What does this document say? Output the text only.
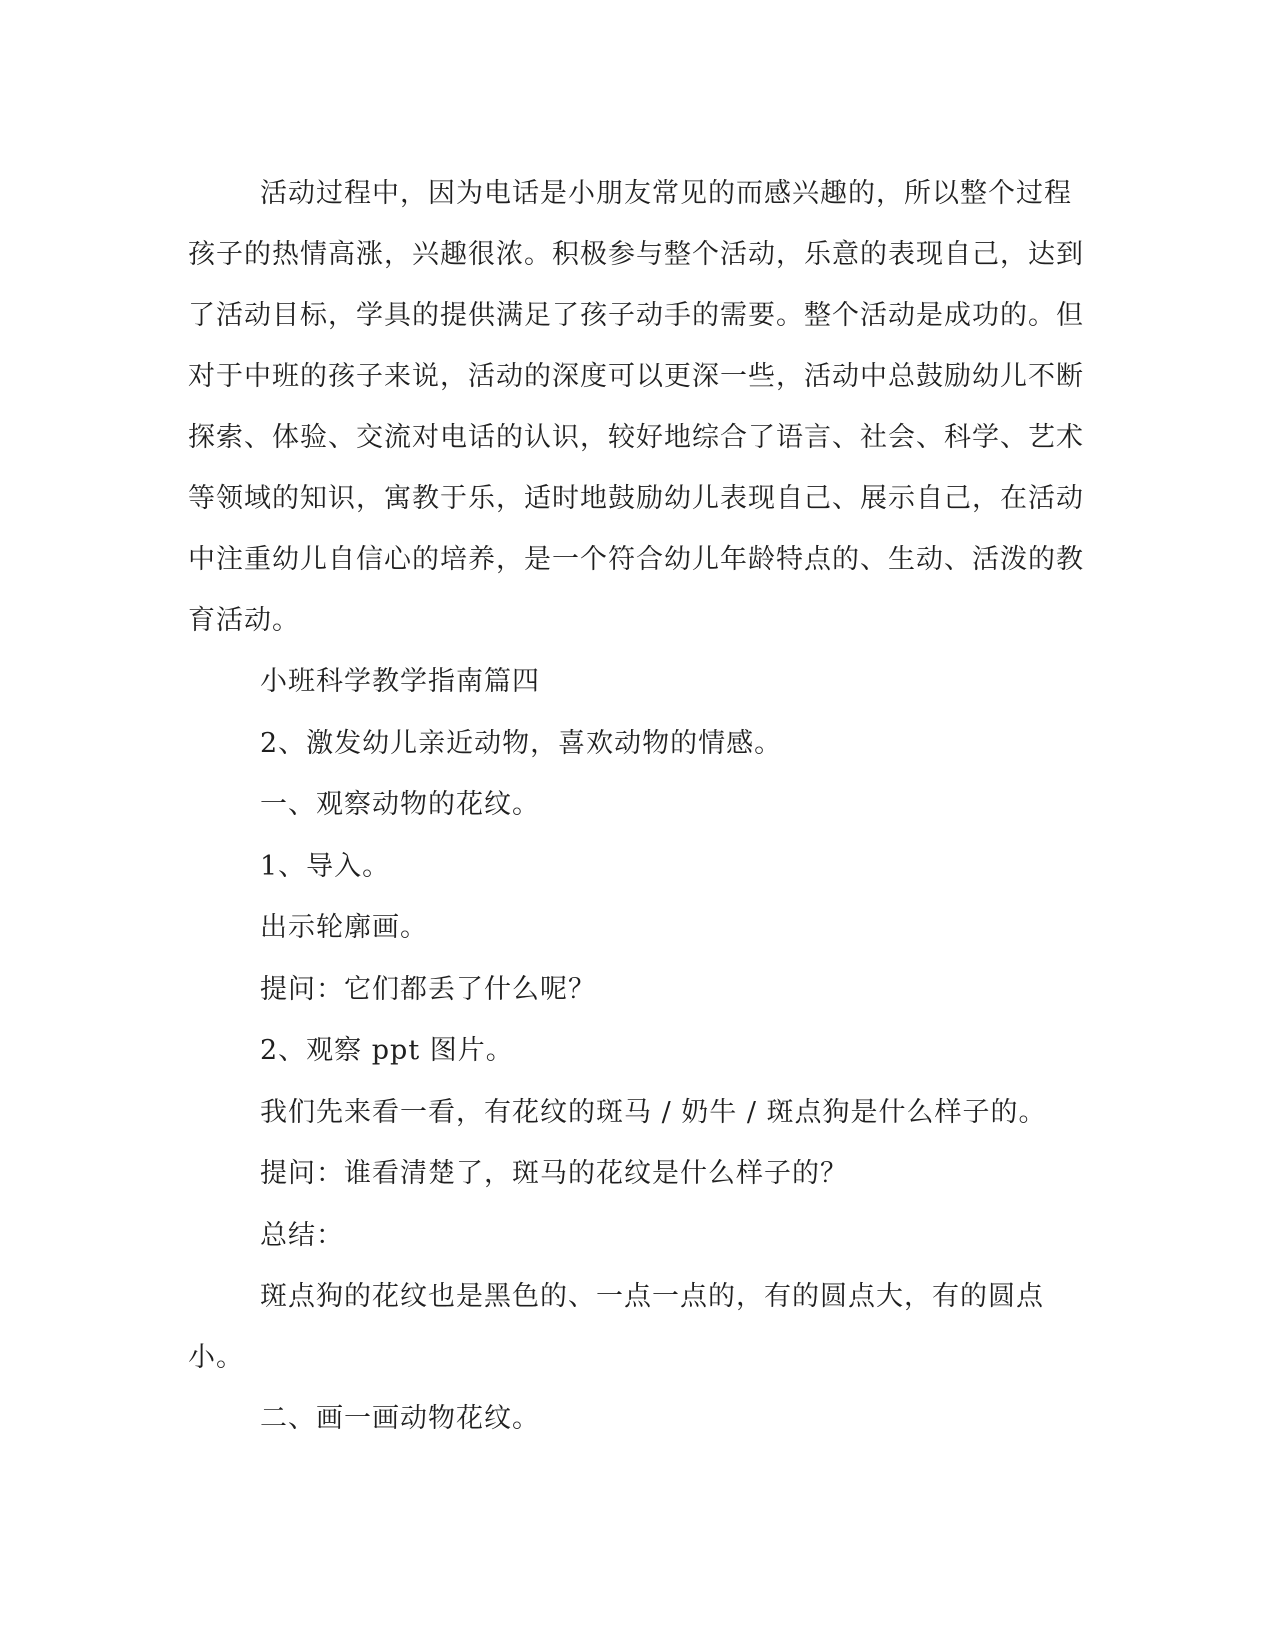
活动过程中，因为电话是小朋友常见的而感兴趣的，所以整个过程孩子的热情高涨，兴趣很浓。积极参与整个活动，乐意的表现自己，达到了活动目标，学具的提供满足了孩子动手的需要。整个活动是成功的。但对于中班的孩子来说，活动的深度可以更深一些，活动中总鼓励幼儿不断探索、体验、交流对电话的认识，较好地综合了语言、社会、科学、艺术等领域的知识，寓教于乐，适时地鼓励幼儿表现自己、展示自己，在活动中注重幼儿自信心的培养，是一个符合幼儿年龄特点的、生动、活泼的教育活动。

小班科学教学指南篇四

2、激发幼儿亲近动物，喜欢动物的情感。

一、观察动物的花纹。

1、导入。

出示轮廓画。

提问：它们都丢了什么呢？

2、观察 ppt 图片。

我们先来看一看，有花纹的斑马 / 奶牛 / 斑点狗是什么样子的。

提问：谁看清楚了，斑马的花纹是什么样子的？

总结：

斑点狗的花纹也是黑色的、一点一点的，有的圆点大，有的圆点小。

二、画一画动物花纹。
